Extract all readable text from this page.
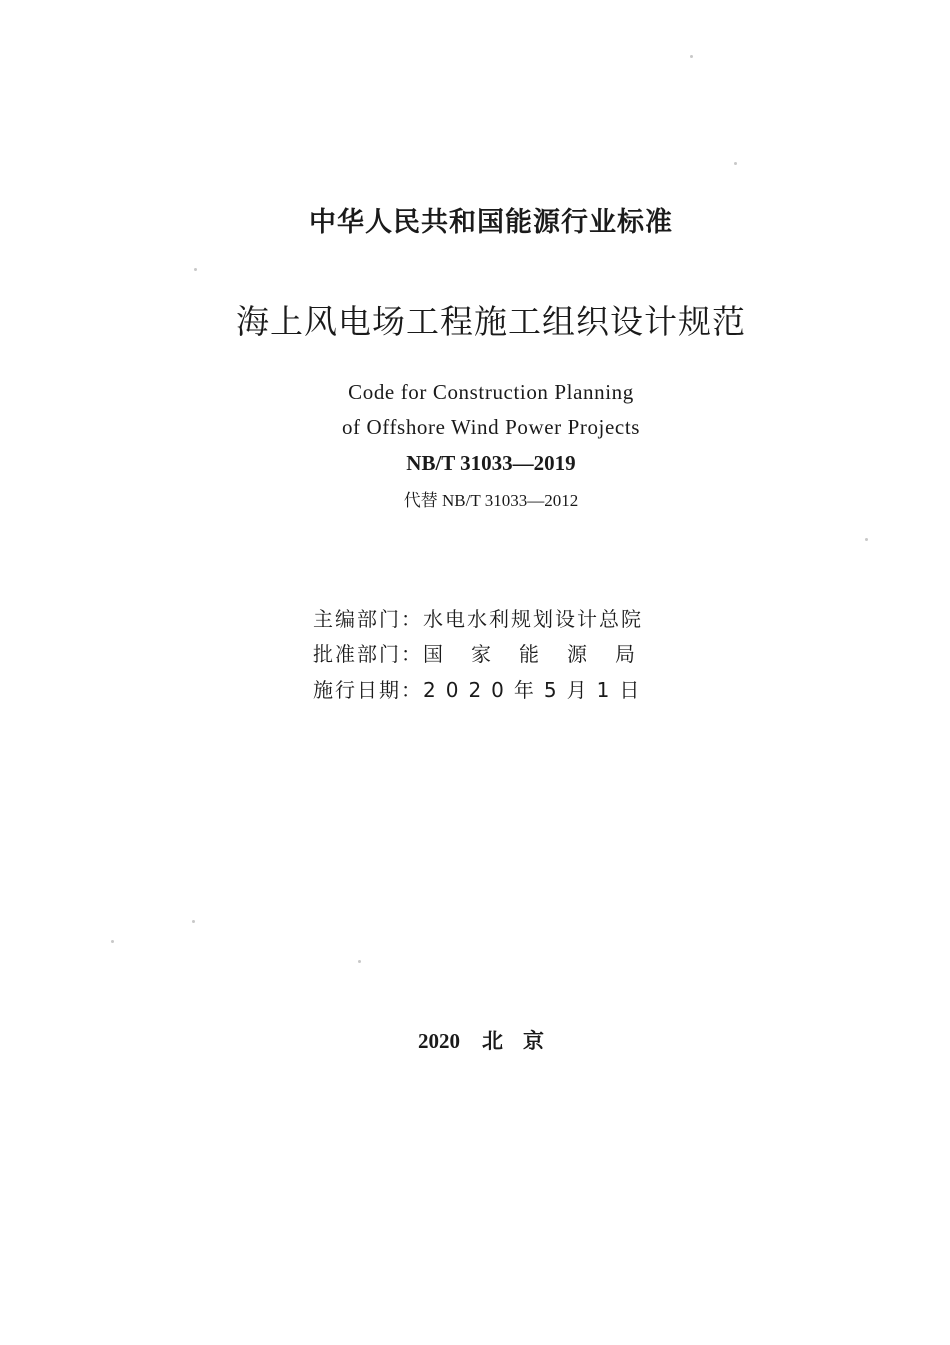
中华人民共和国能源行业标准
海上风电场工程施工组织设计规范
Code for Construction Planning
of Offshore Wind Power Projects
NB/T 31033—2019
代替 NB/T 31033—2012
主编部门：水电水利规划设计总院
批准部门：国家能源局
施行日期：2020年5月1日
2020 北京
